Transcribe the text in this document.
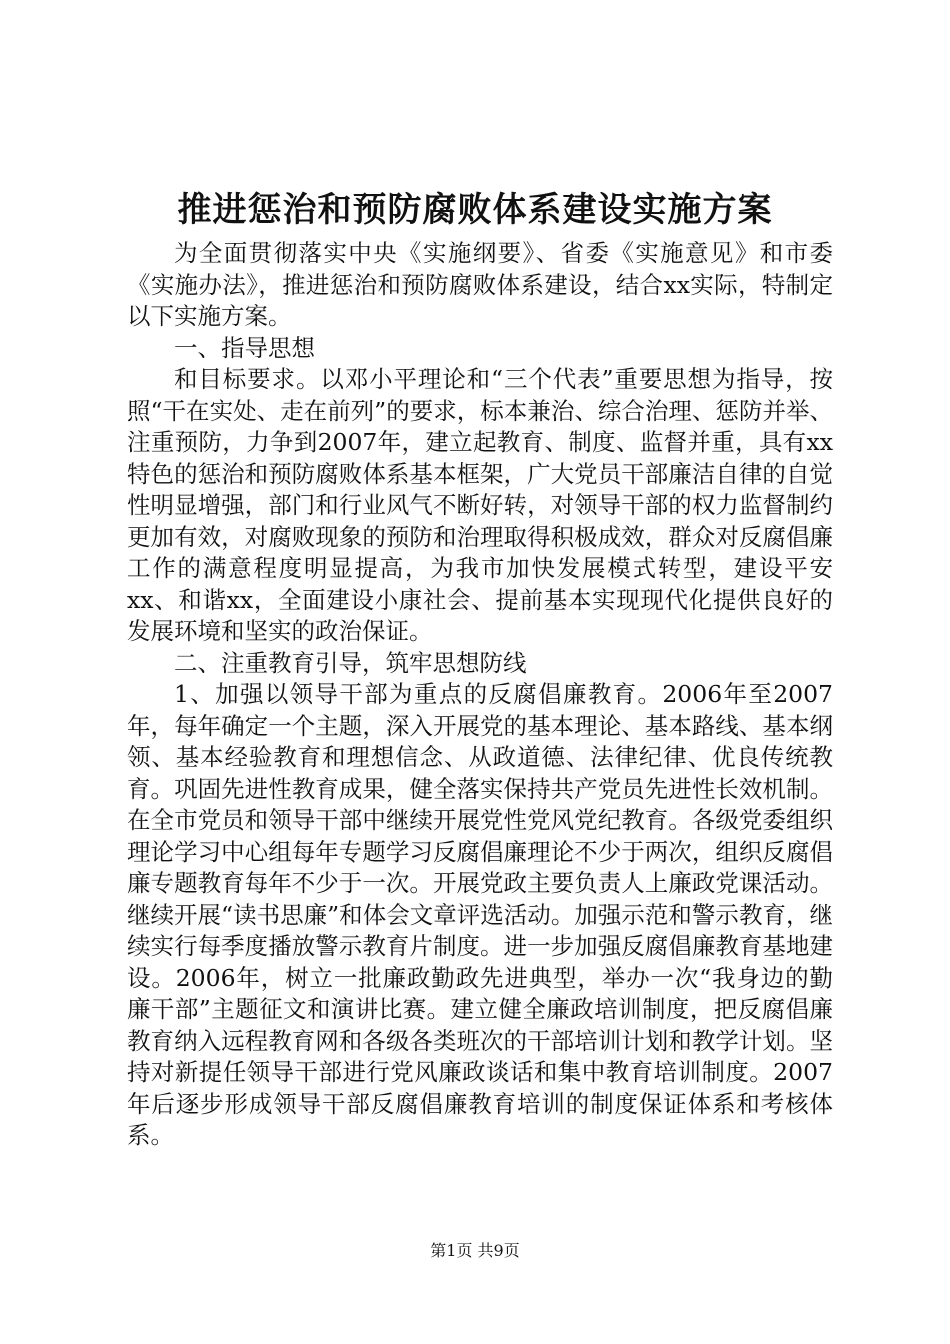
推进惩治和预防腐败体系建设实施方案

为全面贯彻落实中央《实施纲要》、省委《实施意见》和市委《实施办法》，推进惩治和预防腐败体系建设，结合xx实际，特制定以下实施方案。

一、指导思想

和目标要求。以邓小平理论和“三个代表”重要思想为指导，按照“干在实处、走在前列”的要求，标本兼治、综合治理、惩防并举、注重预防，力争到2007年，建立起教育、制度、监督并重，具有xx特色的惩治和预防腐败体系基本框架，广大党员干部廉洁自律的自觉性明显增强，部门和行业风气不断好转，对领导干部的权力监督制约更加有效，对腐败现象的预防和治理取得积极成效，群众对反腐倡廉工作的满意程度明显提高，为我市加快发展模式转型，建设平安xx、和谐xx，全面建设小康社会、提前基本实现现代化提供良好的发展环境和坚实的政治保证。

二、注重教育引导，筑牢思想防线

1、加强以领导干部为重点的反腐倡廉教育。2006年至2007年，每年确定一个主题，深入开展党的基本理论、基本路线、基本纲领、基本经验教育和理想信念、从政道德、法律纪律、优良传统教育。巩固先进性教育成果，健全落实保持共产党员先进性长效机制。在全市党员和领导干部中继续开展党性党风党纪教育。各级党委组织理论学习中心组每年专题学习反腐倡廉理论不少于两次，组织反腐倡廉专题教育每年不少于一次。开展党政主要负责人上廉政党课活动。继续开展“读书思廉”和体会文章评选活动。加强示范和警示教育，继续实行每季度播放警示教育片制度。进一步加强反腐倡廉教育基地建设。2006年，树立一批廉政勤政先进典型，举办一次“我身边的勤廉干部”主题征文和演讲比赛。建立健全廉政培训制度，把反腐倡廉教育纳入远程教育网和各级各类班次的干部培训计划和教学计划。坚持对新提任领导干部进行党风廉政谈话和集中教育培训制度。2007年后逐步形成领导干部反腐倡廉教育培训的制度保证体系和考核体系。

第1页 共9页
